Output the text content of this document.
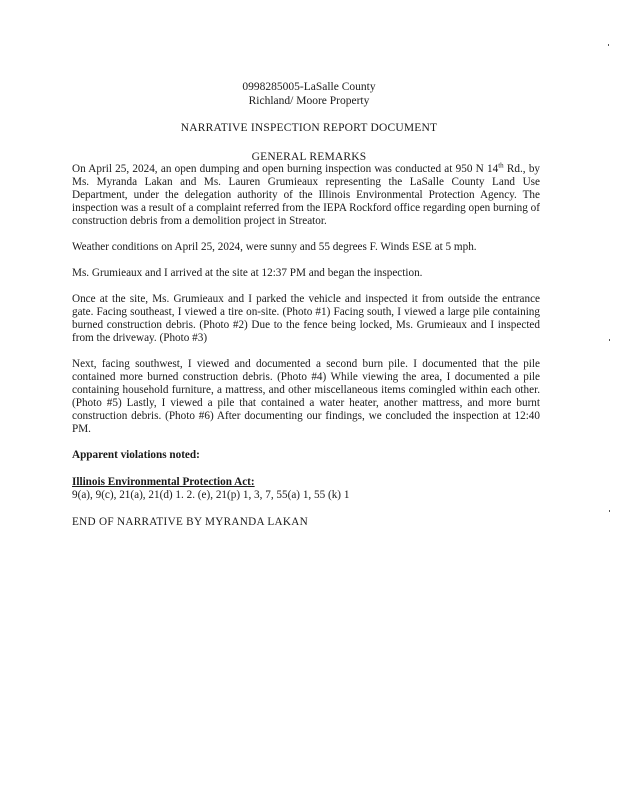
0998285005-LaSalle County
Richland/ Moore Property
NARRATIVE INSPECTION REPORT DOCUMENT
GENERAL REMARKS

On April 25, 2024, an open dumping and open burning inspection was conducted at 950 N 14th Rd., by Ms. Myranda Lakan and Ms. Lauren Grumieaux representing the LaSalle County Land Use Department, under the delegation authority of the Illinois Environmental Protection Agency. The inspection was a result of a complaint referred from the IEPA Rockford office regarding open burning of construction debris from a demolition project in Streator.

Weather conditions on April 25, 2024, were sunny and 55 degrees F. Winds ESE at 5 mph.

Ms. Grumieaux and I arrived at the site at 12:37 PM and began the inspection.

Once at the site, Ms. Grumieaux and I parked the vehicle and inspected it from outside the entrance gate. Facing southeast, I viewed a tire on-site. (Photo #1) Facing south, I viewed a large pile containing burned construction debris. (Photo #2) Due to the fence being locked, Ms. Grumieaux and I inspected from the driveway. (Photo #3)

Next, facing southwest, I viewed and documented a second burn pile. I documented that the pile contained more burned construction debris. (Photo #4) While viewing the area, I documented a pile containing household furniture, a mattress, and other miscellaneous items comingled within each other. (Photo #5) Lastly, I viewed a pile that contained a water heater, another mattress, and more burnt construction debris. (Photo #6) After documenting our findings, we concluded the inspection at 12:40 PM.

Apparent violations noted:

Illinois Environmental Protection Act:

9(a), 9(c), 21(a), 21(d) 1. 2. (e), 21(p) 1, 3, 7, 55(a) 1, 55 (k) 1

END OF NARRATIVE BY MYRANDA LAKAN
